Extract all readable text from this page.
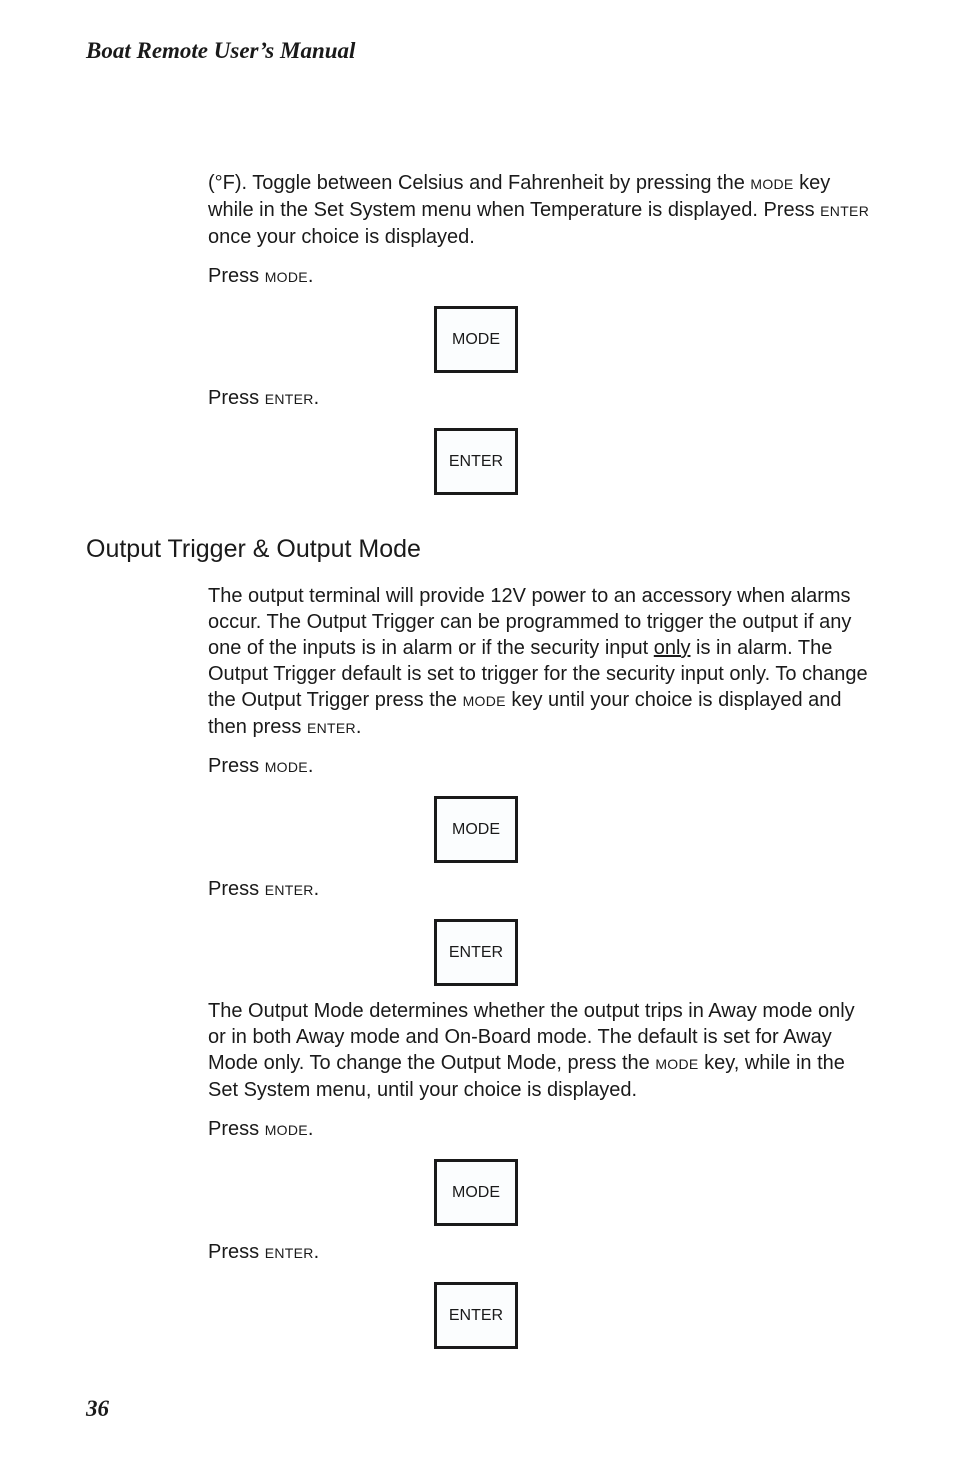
Boat Remote User’s Manual

(°F). Toggle between Celsius and Fahrenheit by pressing the MODE key while in the Set System menu when Temperature is displayed. Press ENTER once your choice is displayed.

Press MODE.

MODE

Press ENTER.

ENTER
Output Trigger & Output Mode

The output terminal will provide 12V power to an accessory when alarms occur. The Output Trigger can be programmed to trigger the output if any one of the inputs is in alarm or if the security input only is in alarm. The Output Trigger default is set to trigger for the security input only. To change the Output Trigger press the MODE key until your choice is displayed and then press ENTER.

Press MODE.

MODE

Press ENTER.

ENTER

The Output Mode determines whether the output trips in Away mode only or in both Away mode and On-Board mode. The default is set for Away Mode only. To change the Output Mode, press the MODE key, while in the Set System menu, until your choice is displayed.

Press MODE.

MODE

Press ENTER.

ENTER

36
